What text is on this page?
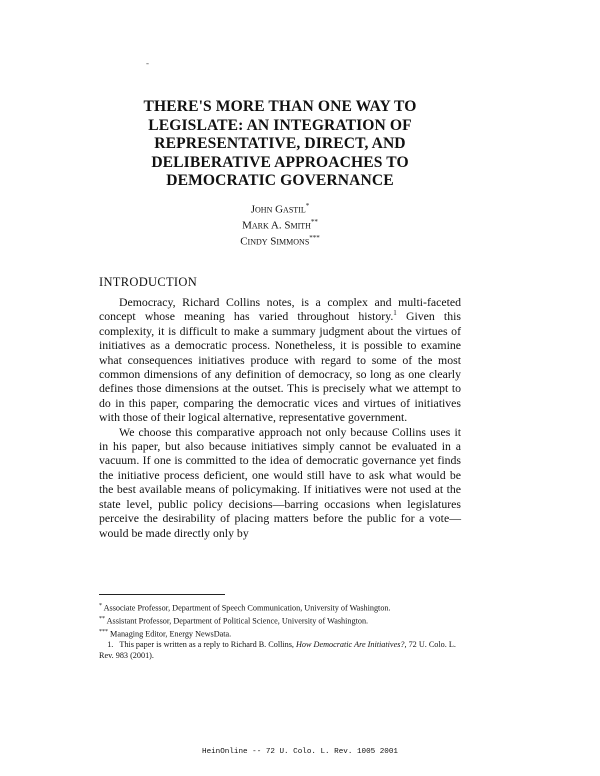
-
THERE'S MORE THAN ONE WAY TO LEGISLATE: AN INTEGRATION OF REPRESENTATIVE, DIRECT, AND DELIBERATIVE APPROACHES TO DEMOCRATIC GOVERNANCE
John Gastil*
Mark A. Smith**
Cindy Simmons***
INTRODUCTION

Democracy, Richard Collins notes, is a complex and multi-faceted concept whose meaning has varied throughout history.$^1$ Given this complexity, it is difficult to make a summary judgment about the virtues of initiatives as a democratic process. Nonetheless, it is possible to examine what consequences initiatives produce with regard to some of the most common dimensions of any definition of democracy, so long as one clearly defines those dimensions at the outset. This is precisely what we attempt to do in this paper, comparing the democratic vices and virtues of initiatives with those of their logical alternative, representative government.

We choose this comparative approach not only because Collins uses it in his paper, but also because initiatives simply cannot be evaluated in a vacuum. If one is committed to the idea of democratic governance yet finds the initiative process deficient, one would still have to ask what would be the best available means of policymaking. If initiatives were not used at the state level, public policy decisions—barring occasions when legislatures perceive the desirability of placing matters before the public for a vote—would be made directly only by

* Associate Professor, Department of Speech Communication, University of Washington.
** Assistant Professor, Department of Political Science, University of Washington.
*** Managing Editor, Energy NewsData.
1.   This paper is written as a reply to Richard B. Collins, How Democratic Are Initiatives?, 72 U. Colo. L. Rev. 983 (2001).
HeinOnline -- 72 U. Colo. L. Rev. 1005 2001
